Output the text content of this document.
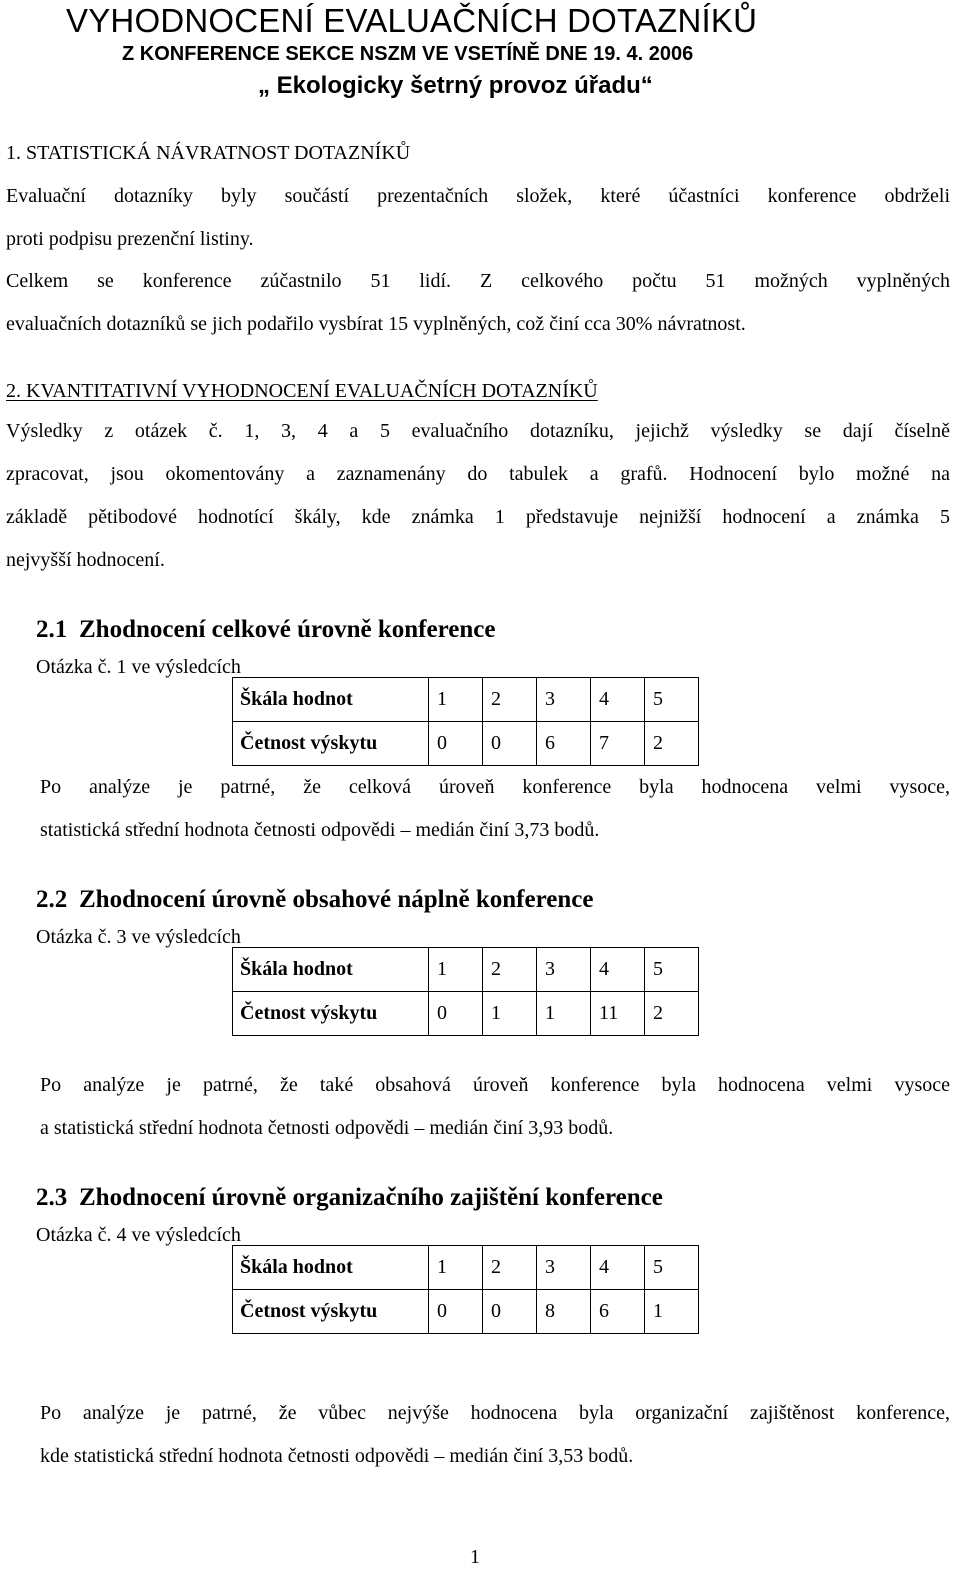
VYHODNOCENÍ EVALUAČNÍCH DOTAZNÍKŮ
Z KONFERENCE SEKCE NSZM VE VSETÍNĚ DNE 19. 4. 2006
„ Ekologicky šetrný provoz úřadu“
1. STATISTICKÁ NÁVRATNOST DOTAZNÍKŮ
Evaluační dotazníky byly součástí prezentačních složek, které účastníci konference obdrželi
proti podpisu prezenční listiny.
Celkem se konference zúčastnilo 51 lidí. Z celkového počtu 51 možných vyplněných
evaluačních dotazníků se jich podařilo vysbírat 15 vyplněných, což činí cca 30% návratnost.
2. KVANTITATIVNÍ VYHODNOCENÍ EVALUAČNÍCH DOTAZNÍKŮ
Výsledky z otázek č. 1, 3, 4 a 5 evaluačního dotazníku, jejichž výsledky se dají číselně
zpracovat, jsou okomentovány a zaznamenány do tabulek a grafů. Hodnocení bylo možné na
základě pětibodové hodnotící škály, kde známka 1 představuje nejnižší hodnocení a známka 5
nejvyšší hodnocení.
2.1 Zhodnocení celkové úrovně konference
Otázka č. 1 ve výsledcích
Škála hodnot	1	2	3	4	5
Četnost výskytu	0	0	6	7	2
Po analýze je patrné, že celková úroveň konference byla hodnocena velmi vysoce,
statistická střední hodnota četnosti odpovědi – medián činí 3,73 bodů.
2.2 Zhodnocení úrovně obsahové náplně konference
Otázka č. 3 ve výsledcích
Škála hodnot	1	2	3	4	5
Četnost výskytu	0	1	1	11	2
Po analýze je patrné, že také obsahová úroveň konference byla hodnocena velmi vysoce
a statistická střední hodnota četnosti odpovědi – medián činí 3,93 bodů.
2.3 Zhodnocení úrovně organizačního zajištění konference
Otázka č. 4 ve výsledcích
Škála hodnot	1	2	3	4	5
Četnost výskytu	0	0	8	6	1
Po analýze je patrné, že vůbec nejvýše hodnocena byla organizační zajištěnost konference,
kde statistická střední hodnota četnosti odpovědi – medián činí 3,53 bodů.
1
